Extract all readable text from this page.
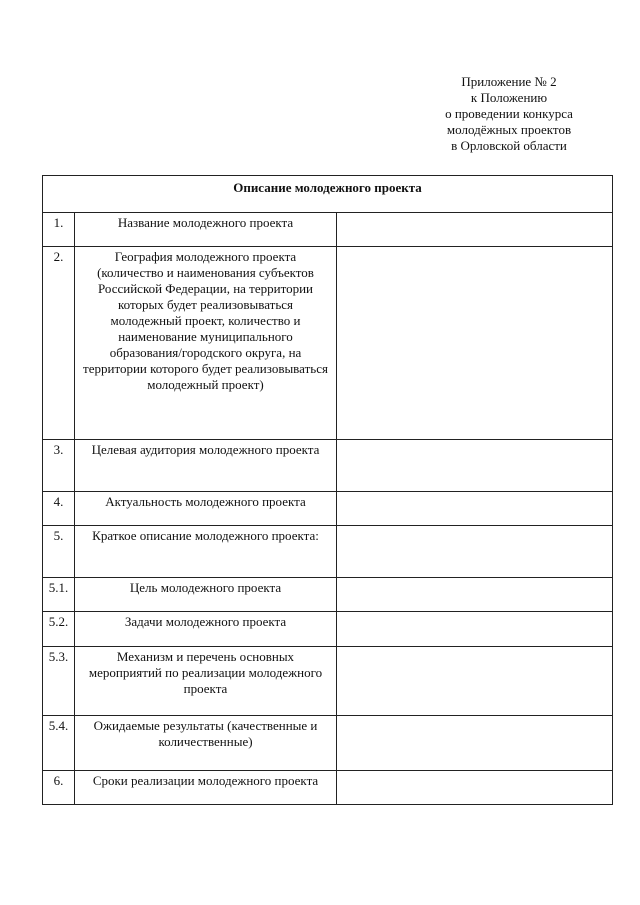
Приложение № 2
к Положению
о проведении конкурса
молодёжных проектов
в Орловской области
Описание молодежного проекта		
1.	Название молодежного проекта	
2.	География молодежного проекта (количество и наименования субъектов Российской Федерации, на территории которых будет реализовываться молодежный проект, количество и наименование муниципального образования/городского округа, на территории которого будет реализовываться молодежный проект)	
3.	Целевая аудитория молодежного проекта	
4.	Актуальность молодежного проекта	
5.	Краткое описание молодежного проекта:	
5.1.	Цель молодежного проекта	
5.2.	Задачи молодежного проекта	
5.3.	Механизм и перечень основных мероприятий по реализации молодежного проекта	
5.4.	Ожидаемые результаты (качественные и количественные)	
6.	Сроки реализации молодежного проекта	
